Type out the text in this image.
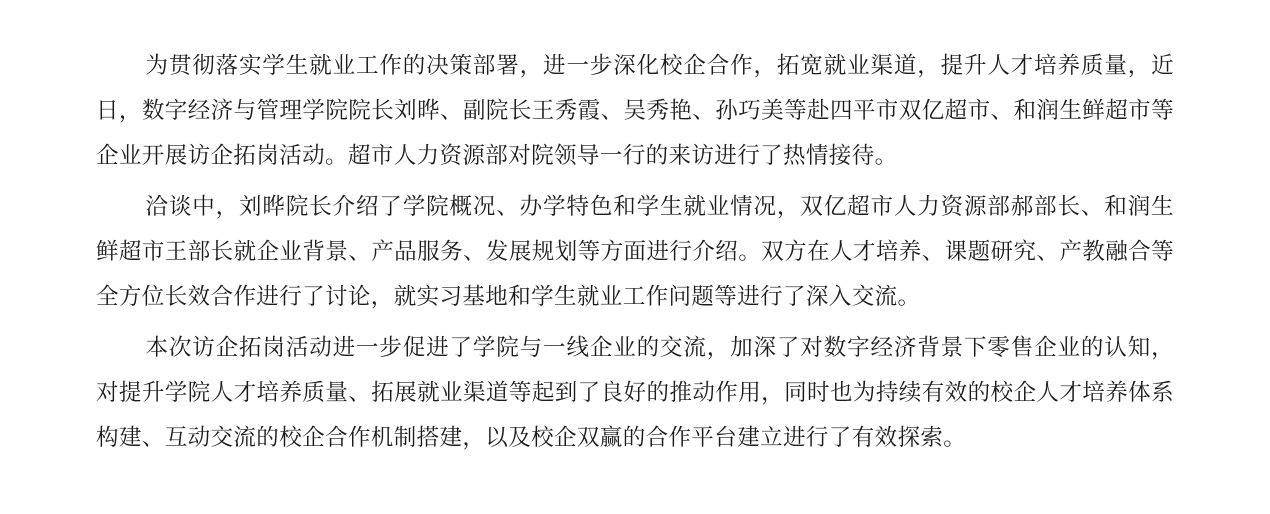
为贯彻落实学生就业工作的决策部署，进一步深化校企合作，拓宽就业渠道，提升人才培养质量，近日，数字经济与管理学院院长刘晔、副院长王秀霞、吴秀艳、孙巧美等赴四平市双亿超市、和润生鲜超市等企业开展访企拓岗活动。超市人力资源部对院领导一行的来访进行了热情接待。

洽谈中，刘晔院长介绍了学院概况、办学特色和学生就业情况，双亿超市人力资源部郝部长、和润生鲜超市王部长就企业背景、产品服务、发展规划等方面进行介绍。双方在人才培养、课题研究、产教融合等全方位长效合作进行了讨论，就实习基地和学生就业工作问题等进行了深入交流。

本次访企拓岗活动进一步促进了学院与一线企业的交流，加深了对数字经济背景下零售企业的认知，对提升学院人才培养质量、拓展就业渠道等起到了良好的推动作用，同时也为持续有效的校企人才培养体系构建、互动交流的校企合作机制搭建，以及校企双赢的合作平台建立进行了有效探索。
